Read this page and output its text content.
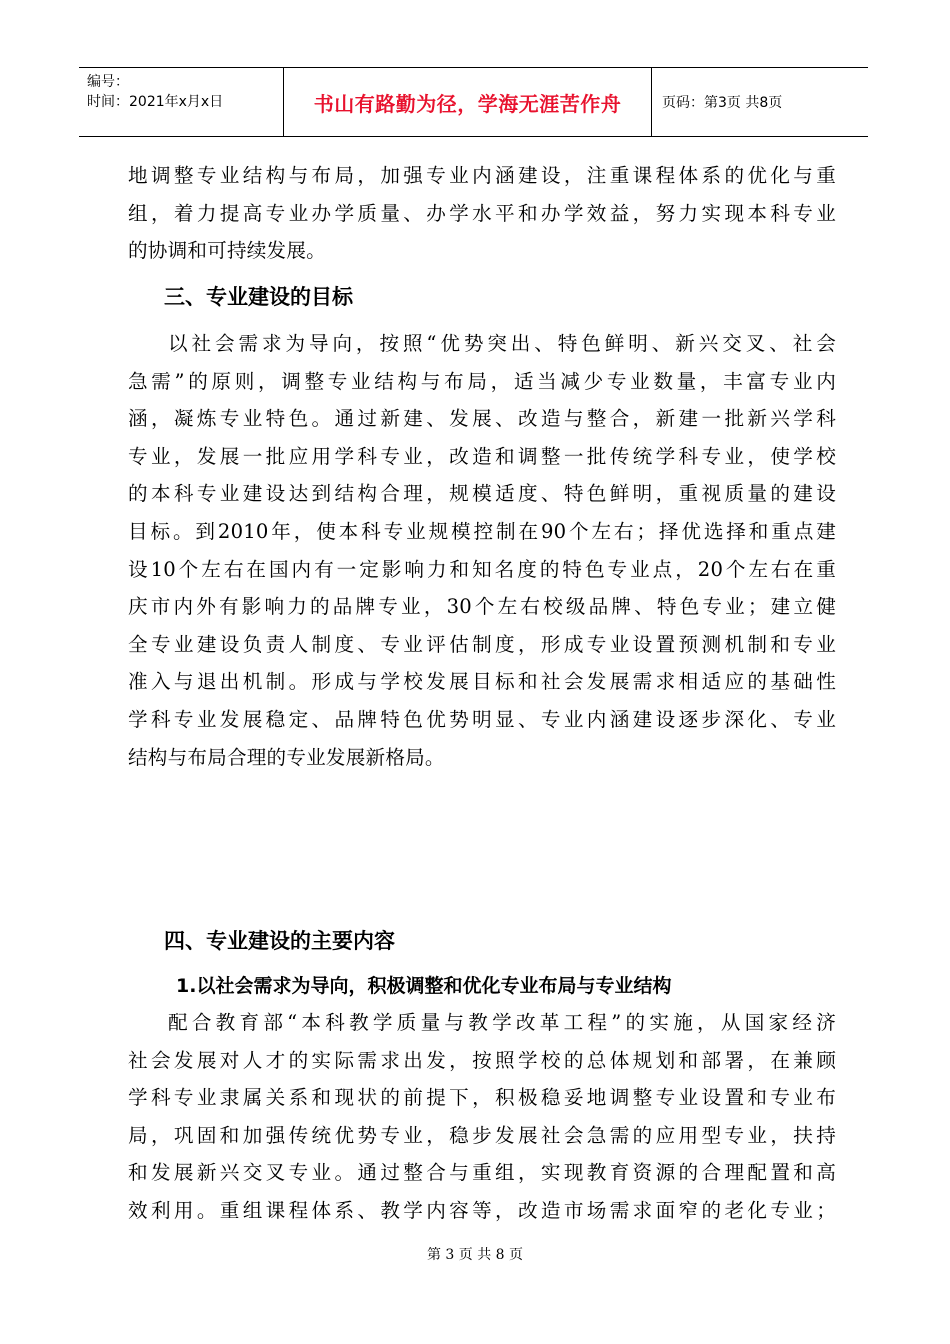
编号：
时间：2021年x月x日	书山有路勤为径，学海无涯苦作舟	页码：第3页 共8页

地调整专业结构与布局，加强专业内涵建设，注重课程体系的优化与重

组，着力提高专业办学质量、办学水平和办学效益，努力实现本科专业

的协调和可持续发展。

三、专业建设的目标

以社会需求为导向，按照“优势突出、特色鲜明、新兴交叉、社会

急需”的原则，调整专业结构与布局，适当减少专业数量，丰富专业内

涵，凝炼专业特色。通过新建、发展、改造与整合，新建一批新兴学科

专业，发展一批应用学科专业，改造和调整一批传统学科专业，使学校

的本科专业建设达到结构合理，规模适度、特色鲜明，重视质量的建设

目标。到2010年，使本科专业规模控制在90个左右；择优选择和重点建

设10个左右在国内有一定影响力和知名度的特色专业点，20个左右在重

庆市内外有影响力的品牌专业，30个左右校级品牌、特色专业；建立健

全专业建设负责人制度、专业评估制度，形成专业设置预测机制和专业

准入与退出机制。形成与学校发展目标和社会发展需求相适应的基础性

学科专业发展稳定、品牌特色优势明显、专业内涵建设逐步深化、专业

结构与布局合理的专业发展新格局。

四、专业建设的主要内容
1.以社会需求为导向，积极调整和优化专业布局与专业结构

配合教育部“本科教学质量与教学改革工程”的实施，从国家经济

社会发展对人才的实际需求出发，按照学校的总体规划和部署，在兼顾

学科专业隶属关系和现状的前提下，积极稳妥地调整专业设置和专业布

局，巩固和加强传统优势专业，稳步发展社会急需的应用型专业，扶持

和发展新兴交叉专业。通过整合与重组，实现教育资源的合理配置和高

效利用。重组课程体系、教学内容等，改造市场需求面窄的老化专业；

第 3 页 共 8 页
